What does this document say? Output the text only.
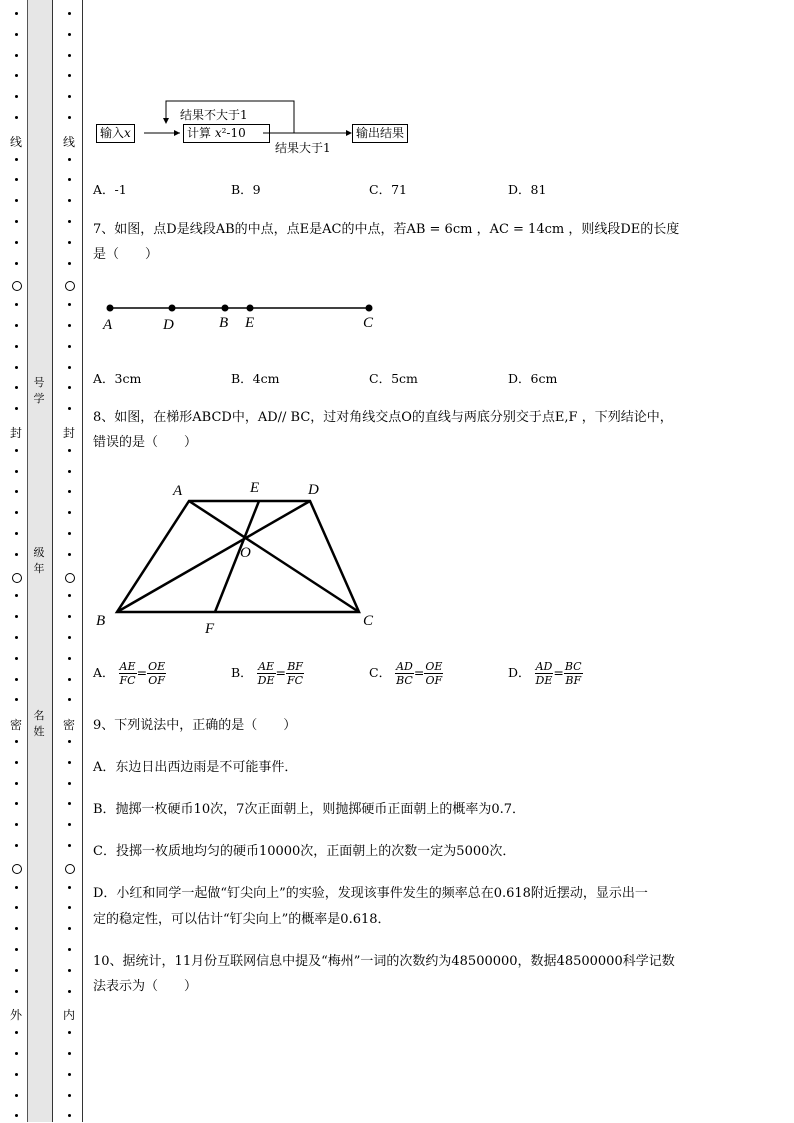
线
封
密
外
线
封
密
内
号学
级年
名姓
输入x	计算 x²-10	输出结果
结果不大于1
结果大于1
A．-1	B．9	C．71	D．81
7、如图，点D是线段AB的中点，点E是AC的中点，若AB = 6cm ，AC = 14cm ，则线段DE的长度
是（　　）
A	D	B E	C
A．3cm	B．4cm	C．5cm	D．6cm
8、如图，在梯形ABCD中，AD// BC，过对角线交点O的直线与两底分别交于点E,F ，下列结论中，
错误的是（　　）
A	E	D
O
B	F	C
A． $\frac{AE}{FC} = \frac{OE}{OF}$	B． $\frac{AE}{DE} = \frac{BF}{FC}$	C． $\frac{AD}{BC} = \frac{OE}{OF}$	D． $\frac{AD}{DE} = \frac{BC}{BF}$
9、下列说法中，正确的是（　　）
A．东边日出西边雨是不可能事件．
B．抛掷一枚硬币10次，7次正面朝上，则抛掷硬币正面朝上的概率为0.7．
C．投掷一枚质地均匀的硬币10000次，正面朝上的次数一定为5000次．
D．小红和同学一起做“钉尖向上”的实验，发现该事件发生的频率总在0.618附近摆动，显示出一
定的稳定性，可以估计“钉尖向上”的概率是0.618．
10、据统计，11月份互联网信息中提及“梅州”一词的次数约为48500000，数据48500000科学记数
法表示为（　　）
